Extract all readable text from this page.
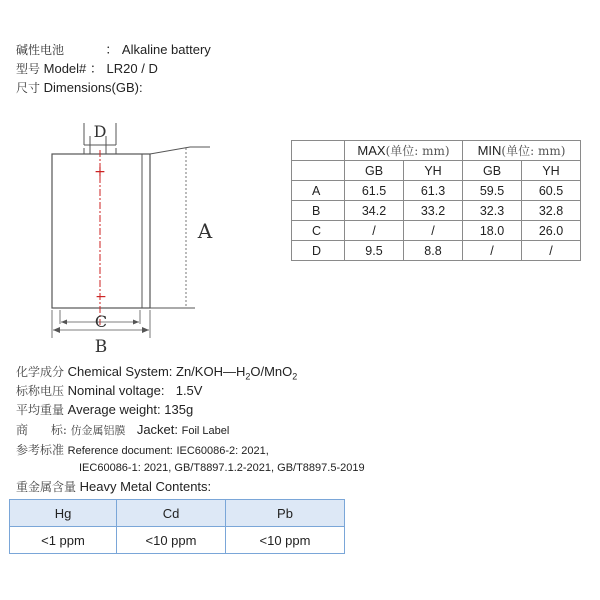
碱性电池	： Alkaline battery
型号 Model# ： LR20 / D
尺寸 Dimensions(GB):
+
−
A
B
C
D
	MAX(单位: mm)		MIN(单位: mm)	
	GB	YH	GB	YH
A	61.5	61.3	59.5	60.5
B	34.2	33.2	32.3	32.8
C	/	/	18.0	26.0
D	9.5	8.8	/	/
化学成分 Chemical System: $Zn/KOH—H_2O/MnO_2$
标称电压 Nominal voltage: 1.5V
平均重量 Average weight: 135g
商      标: 仿金属铝膜 Jacket: Foil Label
参考标准 Reference document: IEC60086-2: 2021,
IEC60086-1: 2021, GB/T8897.1.2-2021, GB/T8897.5-2019
重金属含量 Heavy Metal Contents:
Hg	Cd	Pb
<1 ppm	<10 ppm	<10 ppm
